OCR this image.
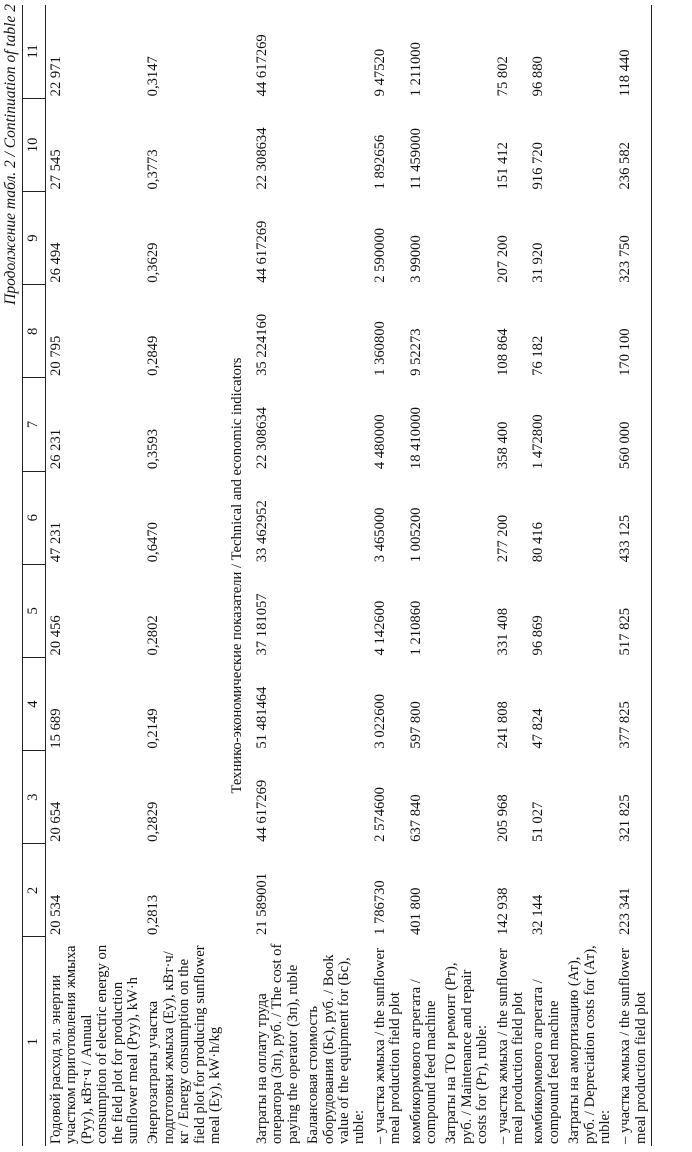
Продолжение табл. 2 / Continuation of table 2
1	2	3	4	5	6	7	8	9	10	11
Годовой расход эл. энергии участком приготовления жмыха (Pуу), кВт·ч / Annual consumption of electric energy on the field plot for production sunflower meal (Pуу), kW·h	20 534	20 654	15 689	20 456	47 231	26 231	20 795	26 494	27 545	22 971
Энергозатраты участка подготовки жмыха (Eу), кВт·ч/кг / Energy consumption on the field plot for producing sunflower meal (Eу), kW·h/kg	0,2813	0,2829	0,2149	0,2802	0,6470	0,3593	0,2849	0,3629	0,3773	0,3147
Технико-экономические показатели / Technical and economic indicators										
Затраты на оплату труда оператора (Зп), руб. / The cost of paying the operator (Зп), ruble	21 589001	44 617269	51 481464	37 181057	33 462952	22 308634	35 224160	44 617269	22 308634	44 617269
Балансовая стоимость оборудования (Бс), руб. / Book value of the equipment for (Бс), ruble:										
– участка жмыха / the sunflower meal production field plot	1 786730	2 574600	3 022600	4 142600	3 465000	4 480000	1 360800	2 590000	1 892656	9 47520
комбикормового агрегата / compound feed machine	401 800	637 840	597 800	1 210860	1 005200	18 410000	9 52273	3 99000	11 459000	1 211000
Затраты на ТО и ремонт (Рт), руб. / Maintenance and repair costs for (Рт), ruble:										
– участка жмыха / the sunflower meal production field plot	142 938	205 968	241 808	331 408	277 200	358 400	108 864	207 200	151 412	75 802
комбикормового агрегата / compound feed machine	32 144	51 027	47 824	96 869	80 416	1 472800	76 182	31 920	916 720	96 880
Затраты на амортизацию (Ат), руб. / Depreciation costs for (Ат), ruble:										
– участка жмыха / the sunflower meal production field plot	223 341	321 825	377 825	517 825	433 125	560 000	170 100	323 750	236 582	118 440
